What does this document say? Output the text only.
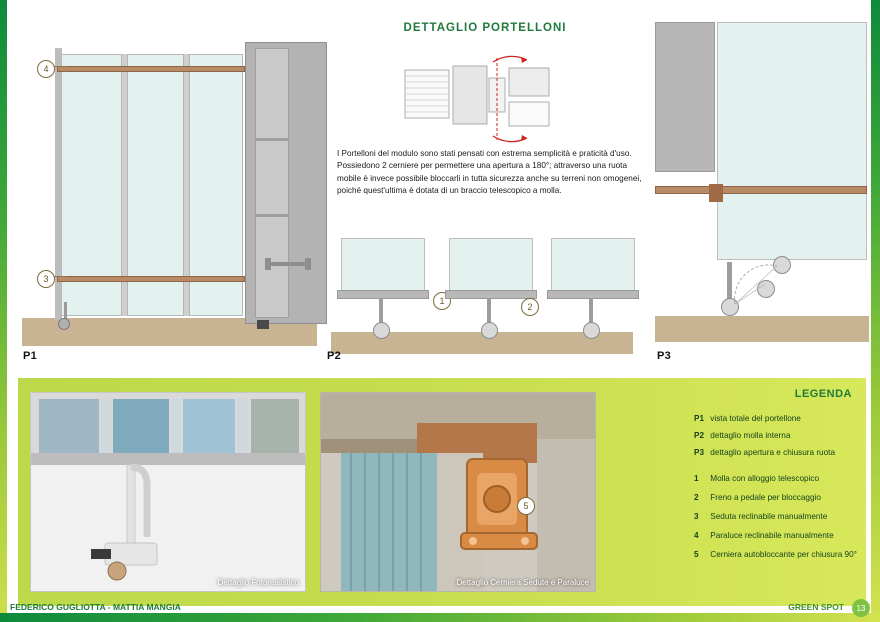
4
3
P1
DETTAGLIO PORTELLONI
I Portelloni del modulo sono stati pensati con estrema semplicità e praticità d'uso. Possiedono 2 cerniere per permettere una apertura a 180°; attraverso una ruota mobile è invece possibile bloccarli in tutta sicurezza anche su terreni non omogenei, poiché quest'ultima è dotata di un braccio telescopico a molla.
1
2
P2	P3
Dettaglio Fotorealistico
5
Dettaglio Cerniera Sedute e Paraluce
LEGENDA
P1 vista totale del portellone
P2 dettaglio molla interna
P3 dettaglio apertura e chiusura ruota
1 Molla con alloggio telescopico
2 Freno a pedale per bloccaggio
3 Seduta reclinabile manualmente
4 Paraluce reclinabile manualmente
5 Cerniera autobloccante per chiusura 90°
FEDERICO GUGLIOTTA - MATTIA MANGIA	GREEN SPOT 13
